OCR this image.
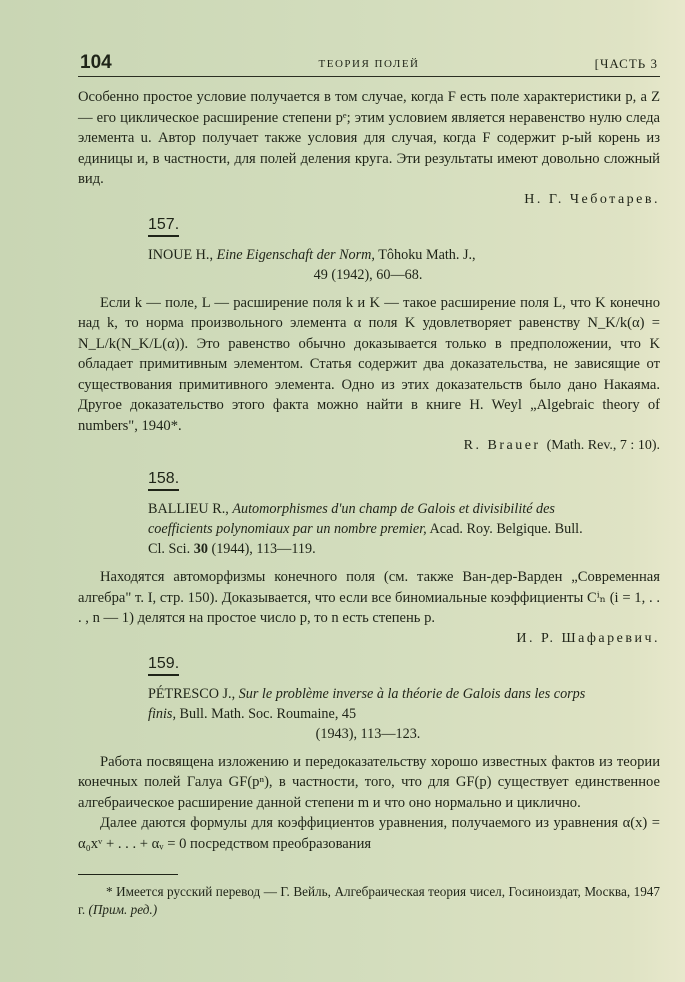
104	ТЕОРИЯ ПОЛЕЙ	[ЧАСТЬ 3

Особенно простое условие получается в том случае, когда F есть поле характеристики p, а Z — его циклическое расширение степени pᵉ; этим условием является неравенство нулю следа элемента u. Автор получает также условия для случая, когда F содержит p-ый корень из единицы и, в частности, для полей деления круга. Эти результаты имеют довольно сложный вид.

Н. Г. Чеботарев.
157.
INOUE H., Eine Eigenschaft der Norm, Tôhoku Math. J.,
49 (1942), 60—68.

Если k — поле, L — расширение поля k и K — такое расширение поля L, что K конечно над k, то норма произвольного элемента α поля K удовлетворяет равенству N_K/k(α) = N_L/k(N_K/L(α)). Это равенство обычно доказывается только в предположении, что K обладает примитивным элементом. Статья содержит два доказательства, не зависящие от существования примитивного элемента. Одно из этих доказательств было дано Накаяма. Другое доказательство этого факта можно найти в книге H. Weyl „Algebraic theory of numbers", 1940*.

R. Brauer (Math. Rev., 7 : 10).
158.
BALLIEU R., Automorphismes d'un champ de Galois et divisibilité des coefficients polynomiaux par un nombre premier, Acad. Roy. Belgique. Bull. Cl. Sci. 30 (1944), 113—119.

Находятся автоморфизмы конечного поля (см. также Ван-дер-Варден „Современная алгебра" т. I, стр. 150). Доказывается, что если все биномиальные коэффициенты Cⁱₙ (i = 1, . . . , n — 1) делятся на простое число p, то n есть степень p.

И. Р. Шафаревич.
159.
PÉTRESCO J., Sur le problème inverse à la théorie de Galois dans les corps finis, Bull. Math. Soc. Roumaine, 45
(1943), 113—123.

Работа посвящена изложению и передоказательству хорошо известных фактов из теории конечных полей Галуа GF(pⁿ), в частности, того, что для GF(p) существует единственное алгебраическое расширение данной степени m и что оно нормально и циклично.

Далее даются формулы для коэффициентов уравнения, получаемого из уравнения α(x) = α₀xᵛ + . . . + αᵥ = 0 посредством преобразования

* Имеется русский перевод — Г. Вейль, Алгебраическая теория чисел, Госиноиздат, Москва, 1947 г. (Прим. ред.)
